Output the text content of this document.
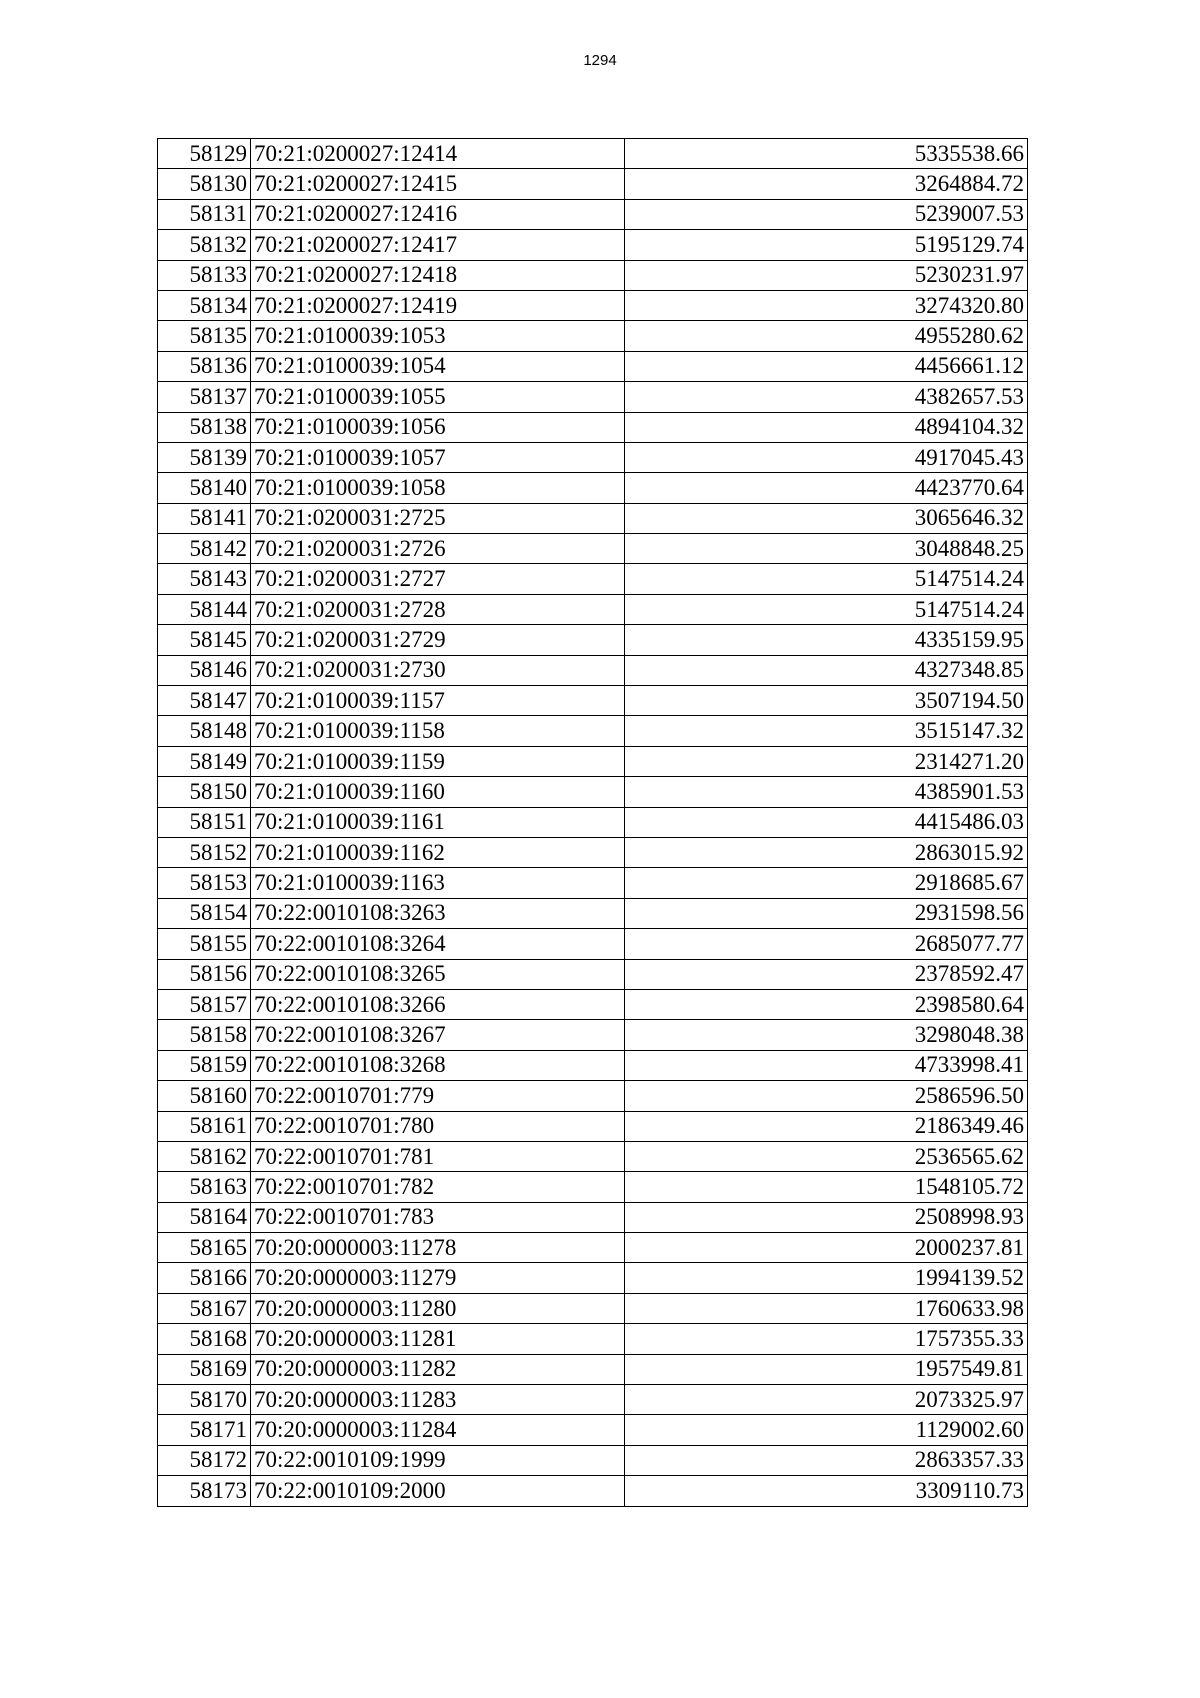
1294
58129	70:21:0200027:12414	5335538.66
58130	70:21:0200027:12415	3264884.72
58131	70:21:0200027:12416	5239007.53
58132	70:21:0200027:12417	5195129.74
58133	70:21:0200027:12418	5230231.97
58134	70:21:0200027:12419	3274320.80
58135	70:21:0100039:1053	4955280.62
58136	70:21:0100039:1054	4456661.12
58137	70:21:0100039:1055	4382657.53
58138	70:21:0100039:1056	4894104.32
58139	70:21:0100039:1057	4917045.43
58140	70:21:0100039:1058	4423770.64
58141	70:21:0200031:2725	3065646.32
58142	70:21:0200031:2726	3048848.25
58143	70:21:0200031:2727	5147514.24
58144	70:21:0200031:2728	5147514.24
58145	70:21:0200031:2729	4335159.95
58146	70:21:0200031:2730	4327348.85
58147	70:21:0100039:1157	3507194.50
58148	70:21:0100039:1158	3515147.32
58149	70:21:0100039:1159	2314271.20
58150	70:21:0100039:1160	4385901.53
58151	70:21:0100039:1161	4415486.03
58152	70:21:0100039:1162	2863015.92
58153	70:21:0100039:1163	2918685.67
58154	70:22:0010108:3263	2931598.56
58155	70:22:0010108:3264	2685077.77
58156	70:22:0010108:3265	2378592.47
58157	70:22:0010108:3266	2398580.64
58158	70:22:0010108:3267	3298048.38
58159	70:22:0010108:3268	4733998.41
58160	70:22:0010701:779	2586596.50
58161	70:22:0010701:780	2186349.46
58162	70:22:0010701:781	2536565.62
58163	70:22:0010701:782	1548105.72
58164	70:22:0010701:783	2508998.93
58165	70:20:0000003:11278	2000237.81
58166	70:20:0000003:11279	1994139.52
58167	70:20:0000003:11280	1760633.98
58168	70:20:0000003:11281	1757355.33
58169	70:20:0000003:11282	1957549.81
58170	70:20:0000003:11283	2073325.97
58171	70:20:0000003:11284	1129002.60
58172	70:22:0010109:1999	2863357.33
58173	70:22:0010109:2000	3309110.73
